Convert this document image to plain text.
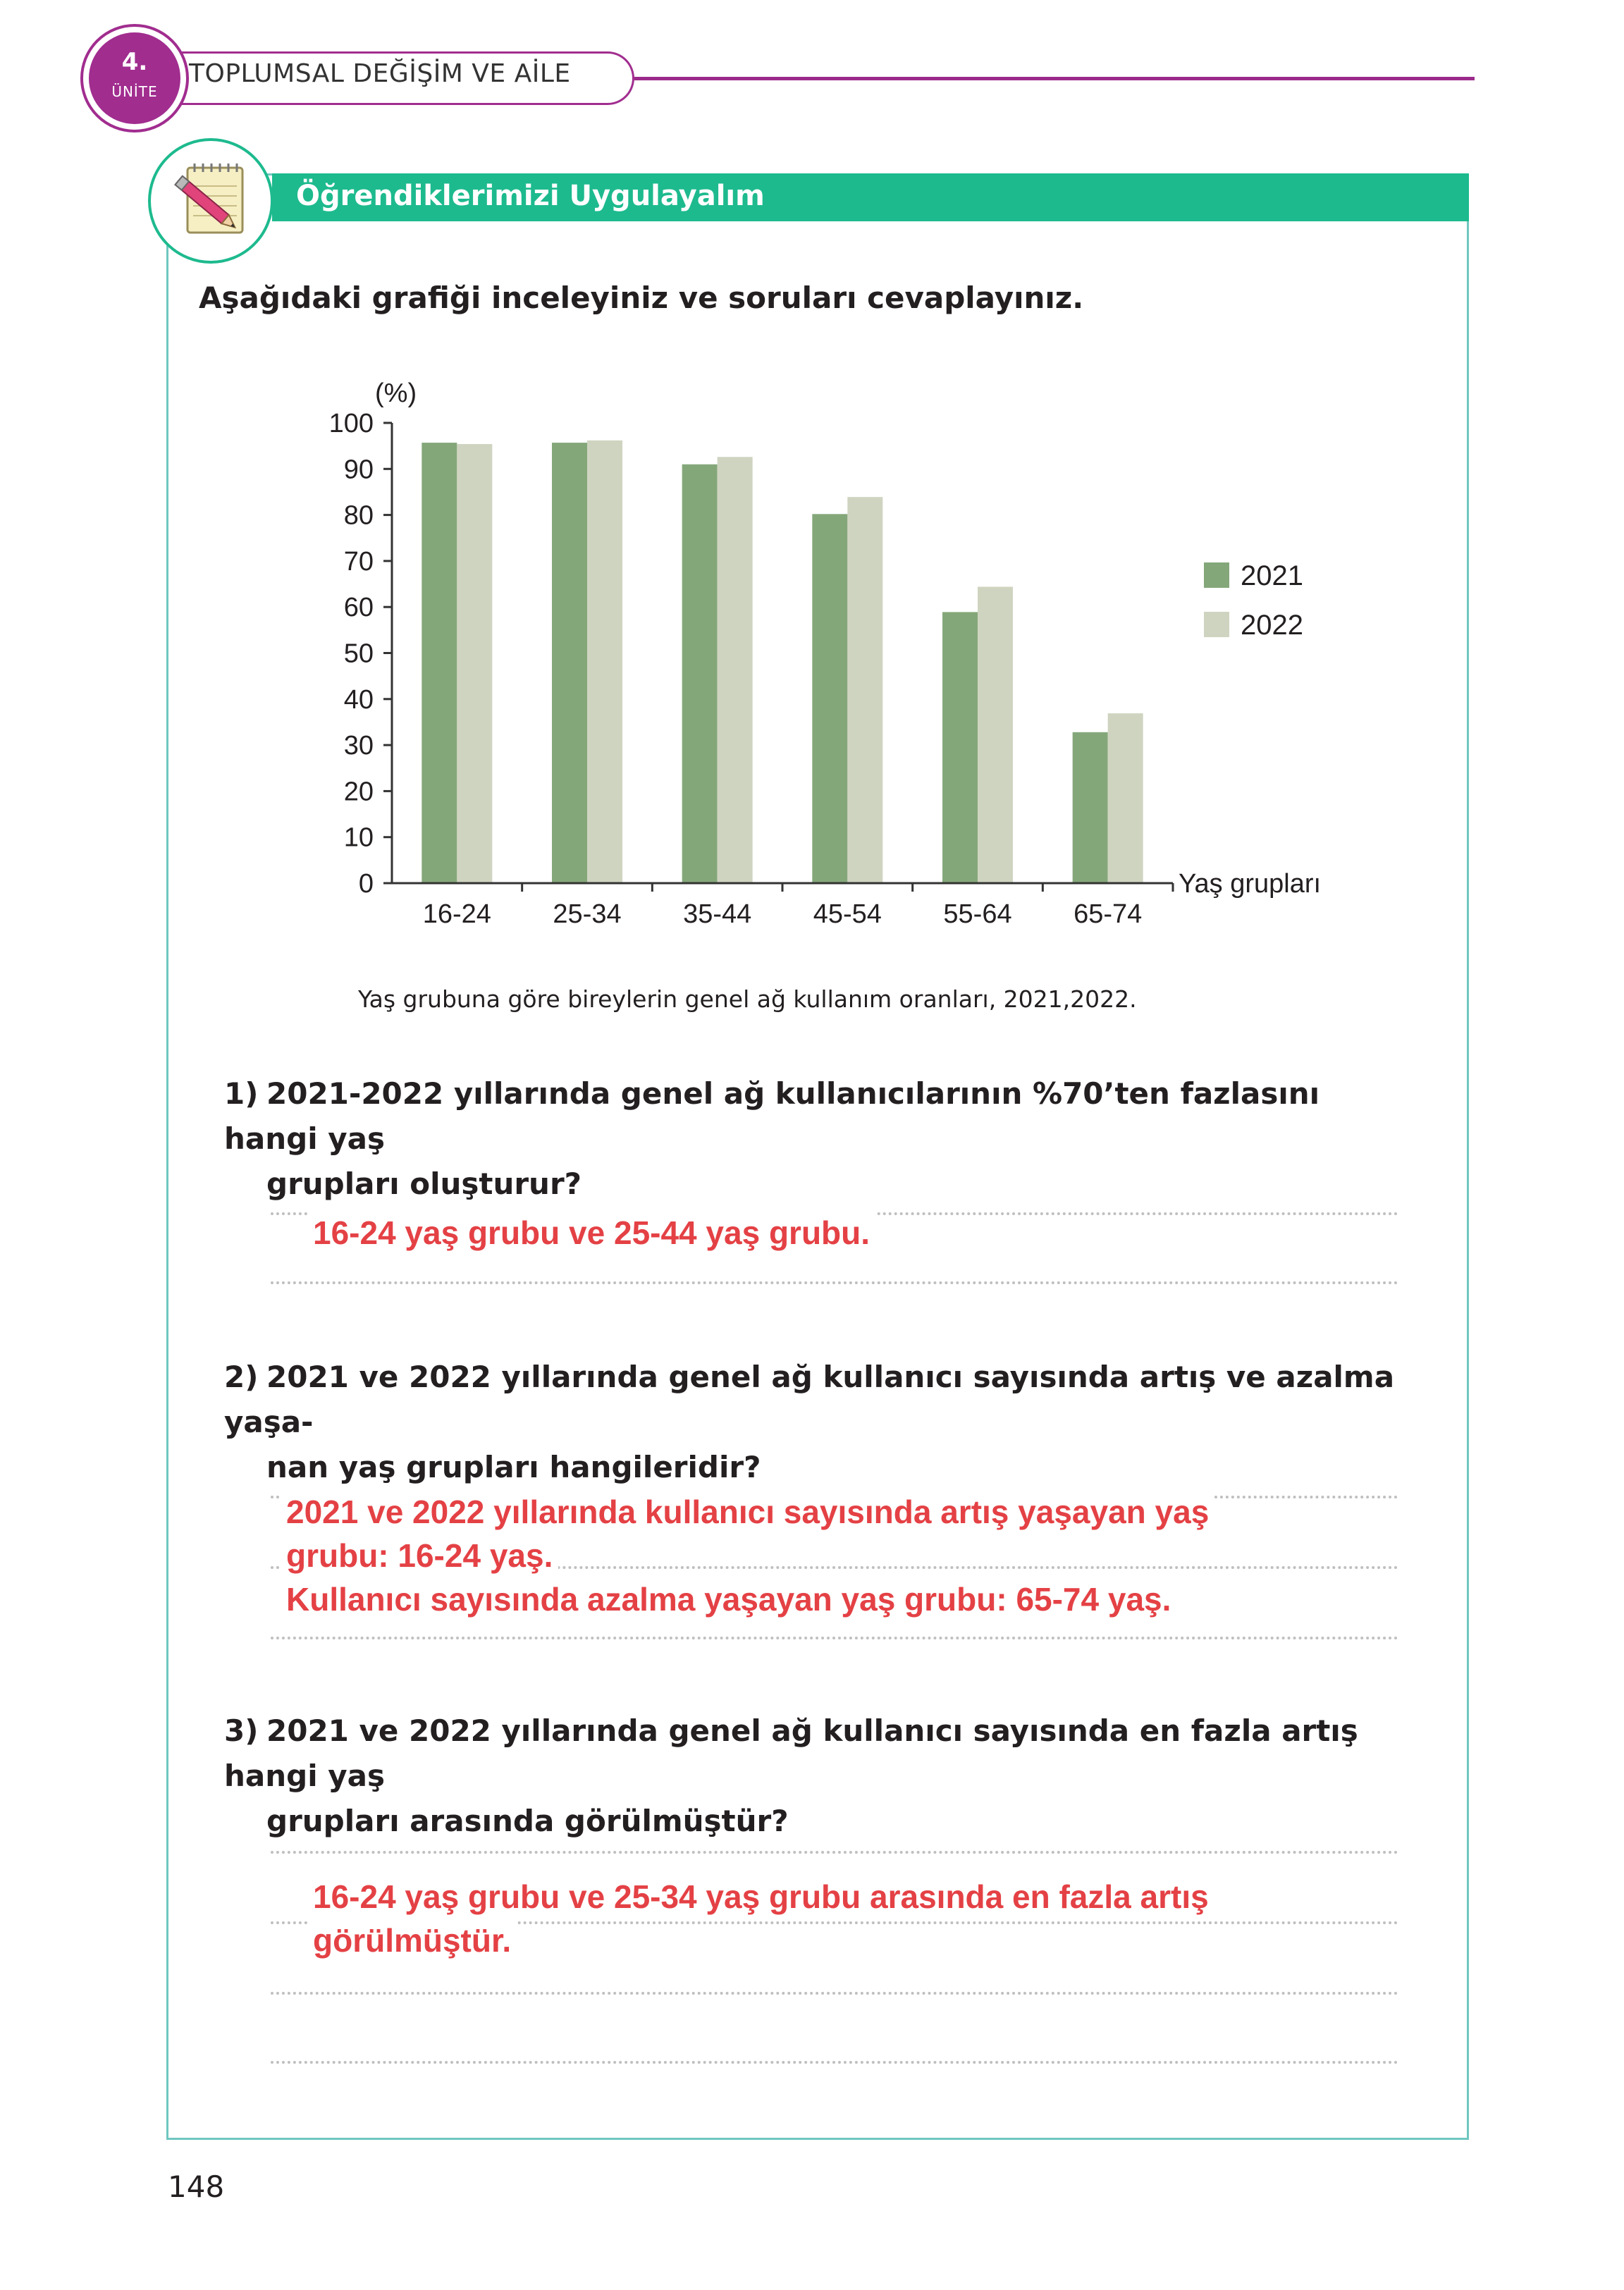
TOPLUMSAL DEĞİŞİM VE AİLE
4.
ÜNİTE
Öğrendiklerimizi Uygulayalım
Aşağıdaki grafiği inceleyiniz ve soruları cevaplayınız.
0
10
20
30
40
50
60
70
80
90
100
16-24 25-34 35-44 45-54 55-64 65-74
(%)
Yaş grupları
2021
2022
Yaş grubuna göre bireylerin genel ağ kullanım oranları, 2021,2022.
1) 2021-2022 yıllarında genel ağ kullanıcılarının %70’ten fazlasını hangi yaş
grupları oluşturur?
16-24 yaş grubu ve 25-44 yaş grubu.
2) 2021 ve 2022 yıllarında genel ağ kullanıcı sayısında artış ve azalma yaşa-
nan yaş grupları hangileridir?
2021 ve 2022 yıllarında kullanıcı sayısında artış yaşayan yaş
grubu: 16-24 yaş.
Kullanıcı sayısında azalma yaşayan yaş grubu: 65-74 yaş.
3) 2021 ve 2022 yıllarında genel ağ kullanıcı sayısında en fazla artış hangi yaş
grupları arasında görülmüştür?
16-24 yaş grubu ve 25-34 yaş grubu arasında en fazla artış
görülmüştür.
148
